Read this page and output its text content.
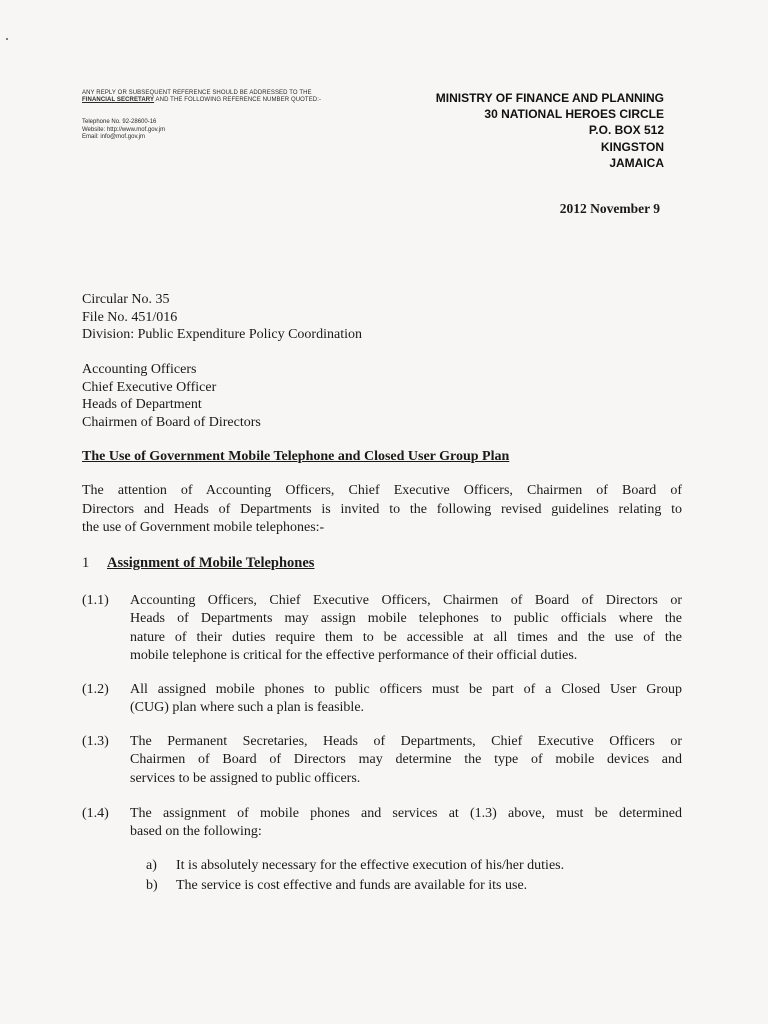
ANY REPLY OR SUBSEQUENT REFERENCE SHOULD BE ADDRESSED TO THE
FINANCIAL SECRETARY AND THE FOLLOWING REFERENCE NUMBER QUOTED:-
Telephone No. 92-28600-16
Website: http://www.mof.gov.jm
Email: info@mof.gov.jm
MINISTRY OF FINANCE AND PLANNING
30 NATIONAL HEROES CIRCLE
P.O. BOX 512
KINGSTON
JAMAICA
2012 November 9
Circular No. 35
File No. 451/016
Division: Public Expenditure Policy Coordination
Accounting Officers
Chief Executive Officer
Heads of Department
Chairmen of Board of Directors
The Use of Government Mobile Telephone and Closed User Group Plan
The attention of Accounting Officers, Chief Executive Officers, Chairmen of Board of
Directors and Heads of Departments is invited to the following revised guidelines relating to
the use of Government mobile telephones:-
1 Assignment of Mobile Telephones
(1.1) Accounting Officers, Chief Executive Officers, Chairmen of Board of Directors or
Heads of Departments may assign mobile telephones to public officials where the
nature of their duties require them to be accessible at all times and the use of the
mobile telephone is critical for the effective performance of their official duties.
(1.2) All assigned mobile phones to public officers must be part of a Closed User Group
(CUG) plan where such a plan is feasible.
(1.3) The Permanent Secretaries, Heads of Departments, Chief Executive Officers or
Chairmen of Board of Directors may determine the type of mobile devices and
services to be assigned to public officers.
(1.4) The assignment of mobile phones and services at (1.3) above, must be determined
based on the following:
a) It is absolutely necessary for the effective execution of his/her duties.
b) The service is cost effective and funds are available for its use.
